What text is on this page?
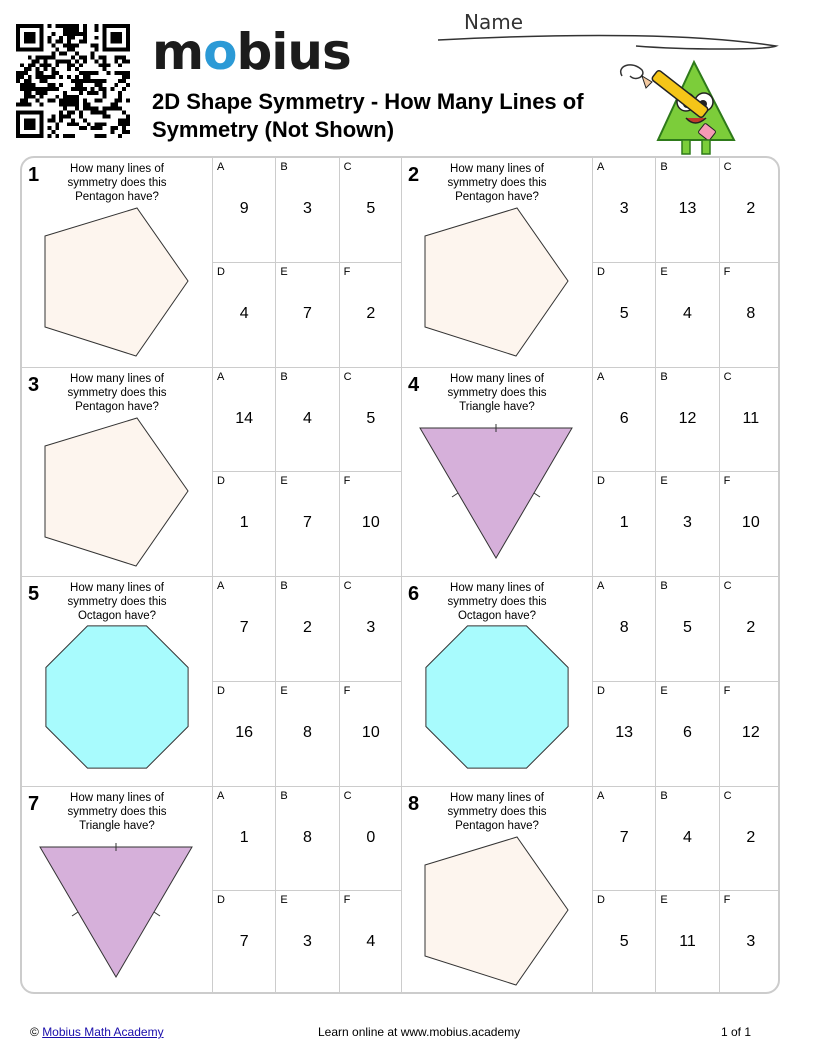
mobius
2D Shape Symmetry - How Many Lines of Symmetry (Not Shown)
Name
1	How many lines of symmetry does this Pentagon have?
A
9
B
3
C
5
D
4
E
7
F
2
2	How many lines of symmetry does this Pentagon have?
A
3
B
13
C
2
D
5
E
4
F
8
3	How many lines of symmetry does this Pentagon have?
A
14
B
4
C
5
D
1
E
7
F
10
4	How many lines of symmetry does this Triangle have?
A
6
B
12
C
11
D
1
E
3
F
10
5	How many lines of symmetry does this Octagon have?
A
7
B
2
C
3
D
16
E
8
F
10
6	How many lines of symmetry does this Octagon have?
A
8
B
5
C
2
D
13
E
6
F
12
7	How many lines of symmetry does this Triangle have?
A
1
B
8
C
0
D
7
E
3
F
4
8	How many lines of symmetry does this Pentagon have?
A
7
B
4
C
2
D
5
E
11
F
3
© Mobius Math Academy	Learn online at www.mobius.academy	1 of 1
